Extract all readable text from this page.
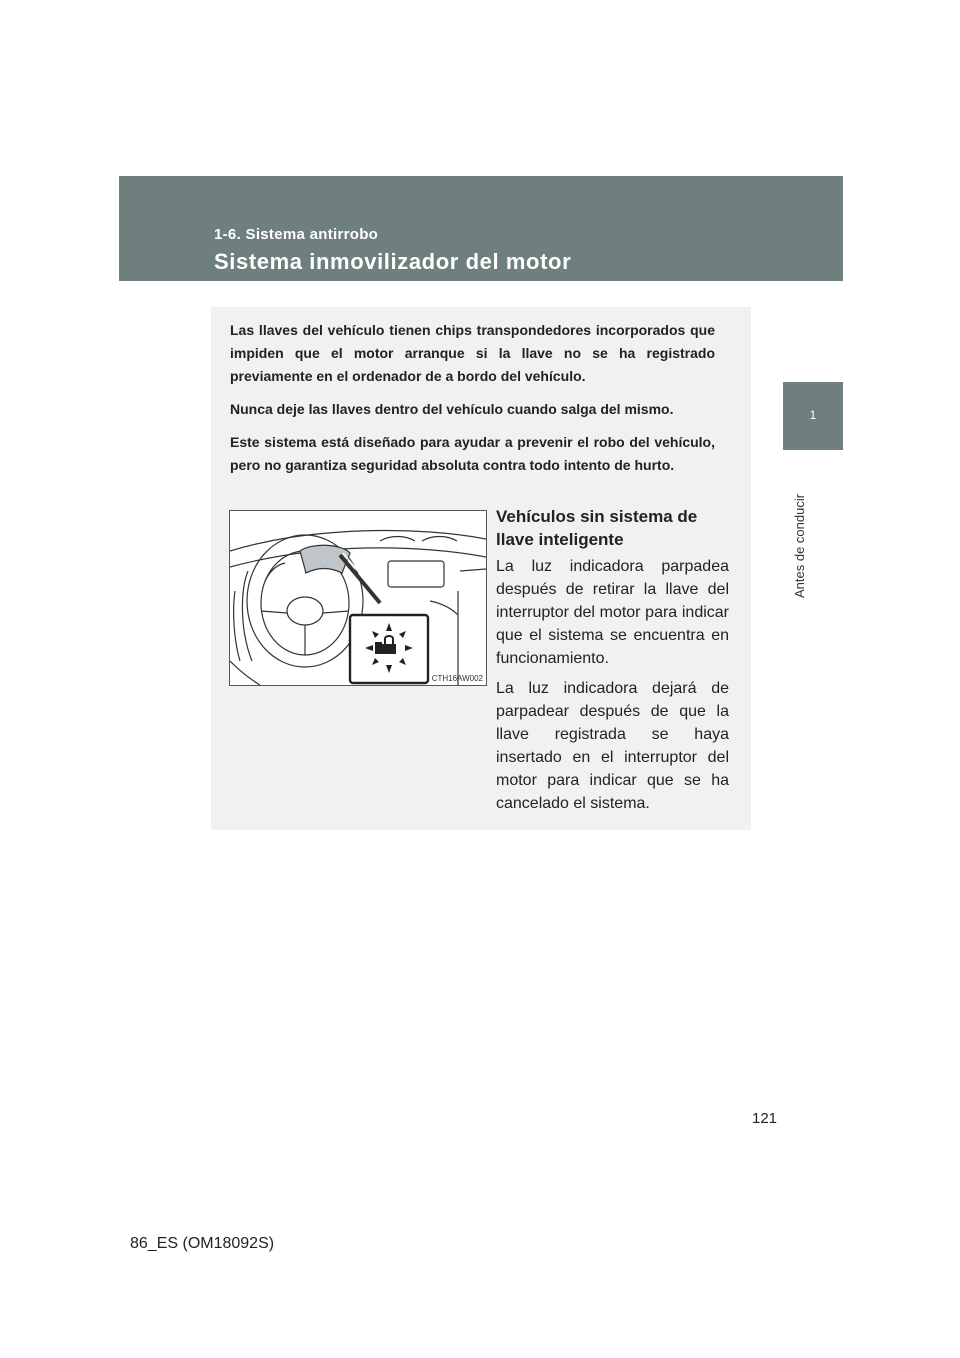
1-6. Sistema antirrobo
Sistema inmovilizador del motor
1
Antes de conducir

Las llaves del vehículo tienen chips transpondedores incorporados que impiden que el motor arranque si la llave no se ha registrado previamente en el ordenador de a bordo del vehículo.

Nunca deje las llaves dentro del vehículo cuando salga del mismo.

Este sistema está diseñado para ayudar a prevenir el robo del vehículo, pero no garantiza seguridad absoluta contra todo intento de hurto.

CTH16AW002
Vehículos sin sistema de
llave inteligente
La luz indicadora parpadea después de retirar la llave del interruptor del motor para indicar que el sistema se encuentra en funcionamiento.
La luz indicadora dejará de parpadear después de que la llave registrada se haya insertado en el interruptor del motor para indicar que se ha cancelado el sistema.
121
86_ES (OM18092S)
